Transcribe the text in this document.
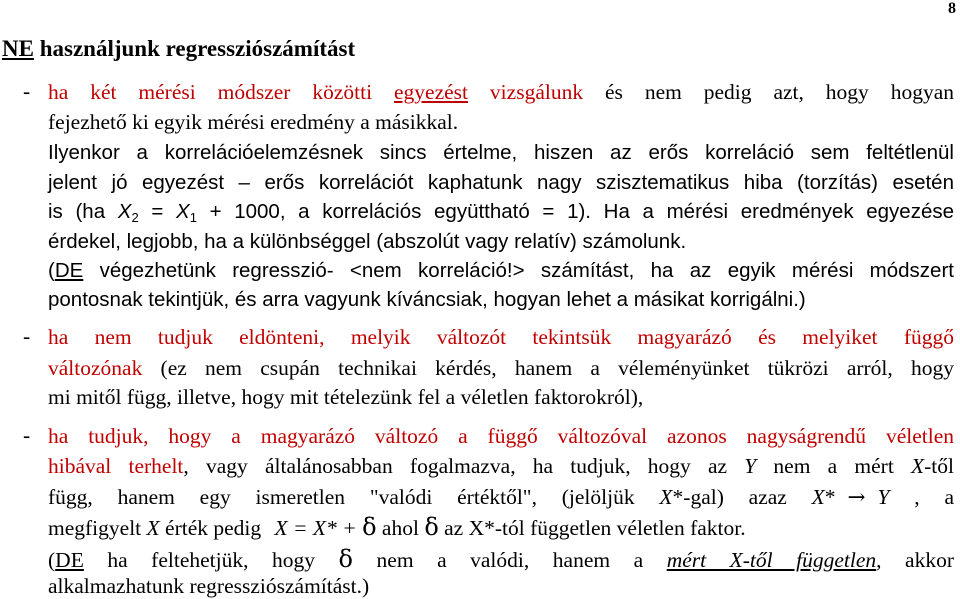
8
NE használjunk regressziószámítást
- ha két mérési módszer közötti egyezést vizsgálunk és nem pedig azt, hogy hogyan
fejezhető ki egyik mérési eredmény a másikkal.
Ilyenkor a korrelációelemzésnek sincs értelme, hiszen az erős korreláció sem feltétlenül
jelent jó egyezést – erős korrelációt kaphatunk nagy szisztematikus hiba (torzítás) esetén
is (ha $X_2 = X_1 + 1000$, a korrelációs együttható = 1). Ha a mérési eredmények egyezése
érdekel, legjobb, ha a különbséggel (abszolút vagy relatív) számolunk.
(DE végezhetünk regresszió- <nem korreláció!> számítást, ha az egyik mérési módszert
pontosnak tekintjük, és arra vagyunk kíváncsiak, hogyan lehet a másikat korrigálni.)
- ha nem tudjuk eldönteni, melyik változót tekintsük magyarázó és melyiket függő
változónak (ez nem csupán technikai kérdés, hanem a véleményünket tükrözi arról, hogy
mi mitől függ, illetve, hogy mit tételezünk fel a véletlen faktorokról),
- ha tudjuk, hogy a magyarázó változó a függő változóval azonos nagyságrendű véletlen
hibával terhelt, vagy általánosabban fogalmazva, ha tudjuk, hogy az Y nem a mért X-től
függ, hanem egy ismeretlen "valódi értéktől", (jelöljük X*-gal) azaz X* → Y , a
megfigyelt X érték pedig X = X* + δ ahol δ az X*-tól független véletlen faktor.
(DE ha feltehetjük, hogy δ nem a valódi, hanem a mért X-től független, akkor
alkalmazhatunk regressziószámítást.)
